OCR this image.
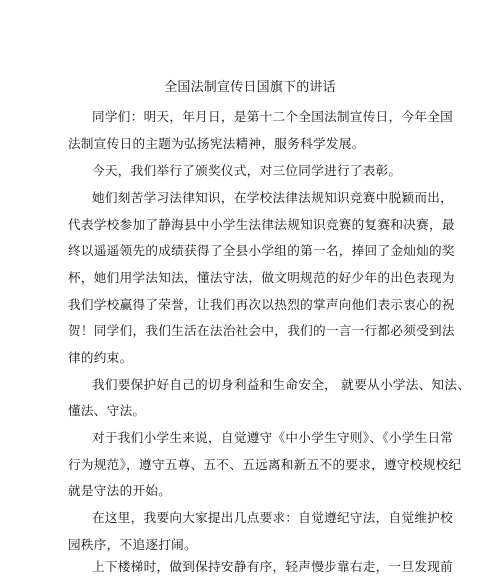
全国法制宣传日国旗下的讲话

同学们：明天，年月日，是第十二个全国法制宣传日，今年全国

法制宣传日的主题为弘扬宪法精神，服务科学发展。

今天，我们举行了颁奖仪式，对三位同学进行了表彰。

她们刻苦学习法律知识，在学校法律法规知识竞赛中脱颖而出，

代表学校参加了静海县中小学生法律法规知识竞赛的复赛和决赛，最

终以遥遥领先的成绩获得了全县小学组的第一名，捧回了金灿灿的奖

杯，她们用学法知法，懂法守法，做文明规范的好少年的出色表现为

我们学校赢得了荣誉，让我们再次以热烈的掌声向他们表示衷心的祝

贺！同学们，我们生活在法治社会中，我们的一言一行都必须受到法

律的约束。

我们要保护好自己的切身利益和生命安全， 就要从小学法、知法、

懂法、守法。

对于我们小学生来说，自觉遵守《中小学生守则》、《小学生日常

行为规范》，遵守五尊、五不、五远离和新五不的要求，遵守校规校纪

就是守法的开始。

在这里，我要向大家提出几点要求：自觉遵纪守法，自觉维护校

园秩序，不追逐打闹。

上下楼梯时，做到保持安静有序，轻声慢步靠右走，一旦发现前
